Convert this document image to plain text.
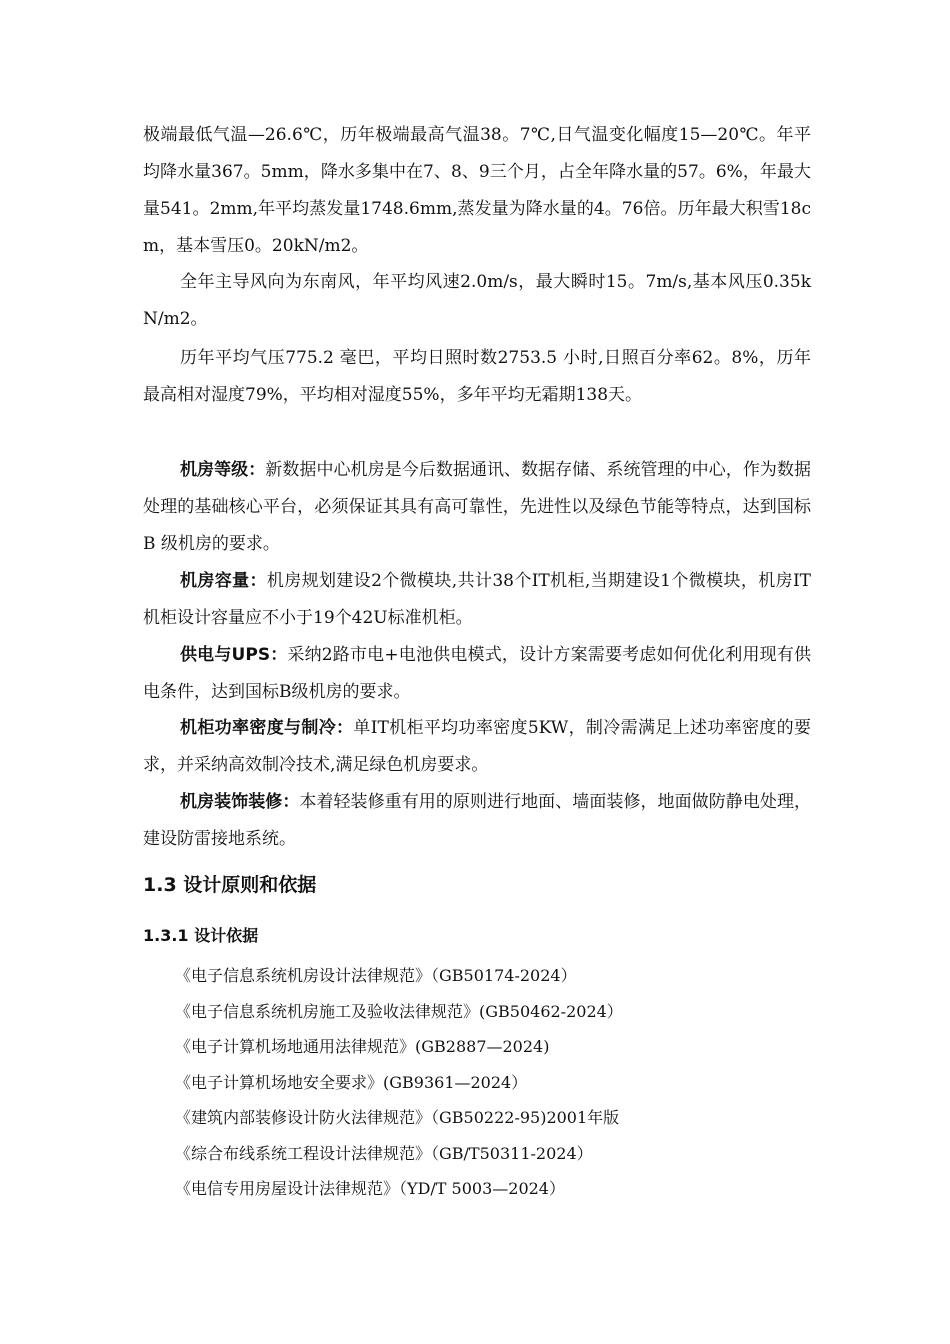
极端最低气温—26.6℃，历年极端最高气温38。7℃,日气温变化幅度15—20℃。年平均降水量367。5mm，降水多集中在7、8、9三个月，占全年降水量的57。6%，年最大量541。2mm,年平均蒸发量1748.6mm,蒸发量为降水量的4。76倍。历年最大积雪18cm，基本雪压0。20kN/m2。

全年主导风向为东南风，年平均风速2.0m/s，最大瞬时15。7m/s,基本风压0.35kN/m2。

历年平均气压775.2 毫巴，平均日照时数2753.5 小时,日照百分率62。8%，历年最高相对湿度79%，平均相对湿度55%，多年平均无霜期138天。

机房等级：新数据中心机房是今后数据通讯、数据存储、系统管理的中心，作为数据处理的基础核心平台，必须保证其具有高可靠性，先进性以及绿色节能等特点，达到国标B 级机房的要求。

机房容量：机房规划建设2个微模块,共计38个IT机柜,当期建设1个微模块，机房IT机柜设计容量应不小于19个42U标准机柜。

供电与UPS：采纳2路市电+电池供电模式，设计方案需要考虑如何优化利用现有供电条件，达到国标B级机房的要求。

机柜功率密度与制冷：单IT机柜平均功率密度5KW，制冷需满足上述功率密度的要求，并采纳高效制冷技术,满足绿色机房要求。

机房装饰装修：本着轻装修重有用的原则进行地面、墙面装修，地面做防静电处理，建设防雷接地系统。

1.3 设计原则和依据
1.3.1 设计依据
《电子信息系统机房设计法律规范》（GB50174-2024）
《电子信息系统机房施工及验收法律规范》(GB50462-2024）
《电子计算机场地通用法律规范》(GB2887—2024)
《电子计算机场地安全要求》(GB9361—2024）
《建筑内部装修设计防火法律规范》（GB50222-95)2001年版
《综合布线系统工程设计法律规范》（GB/T50311-2024）
《电信专用房屋设计法律规范》（YD/T 5003—2024）
